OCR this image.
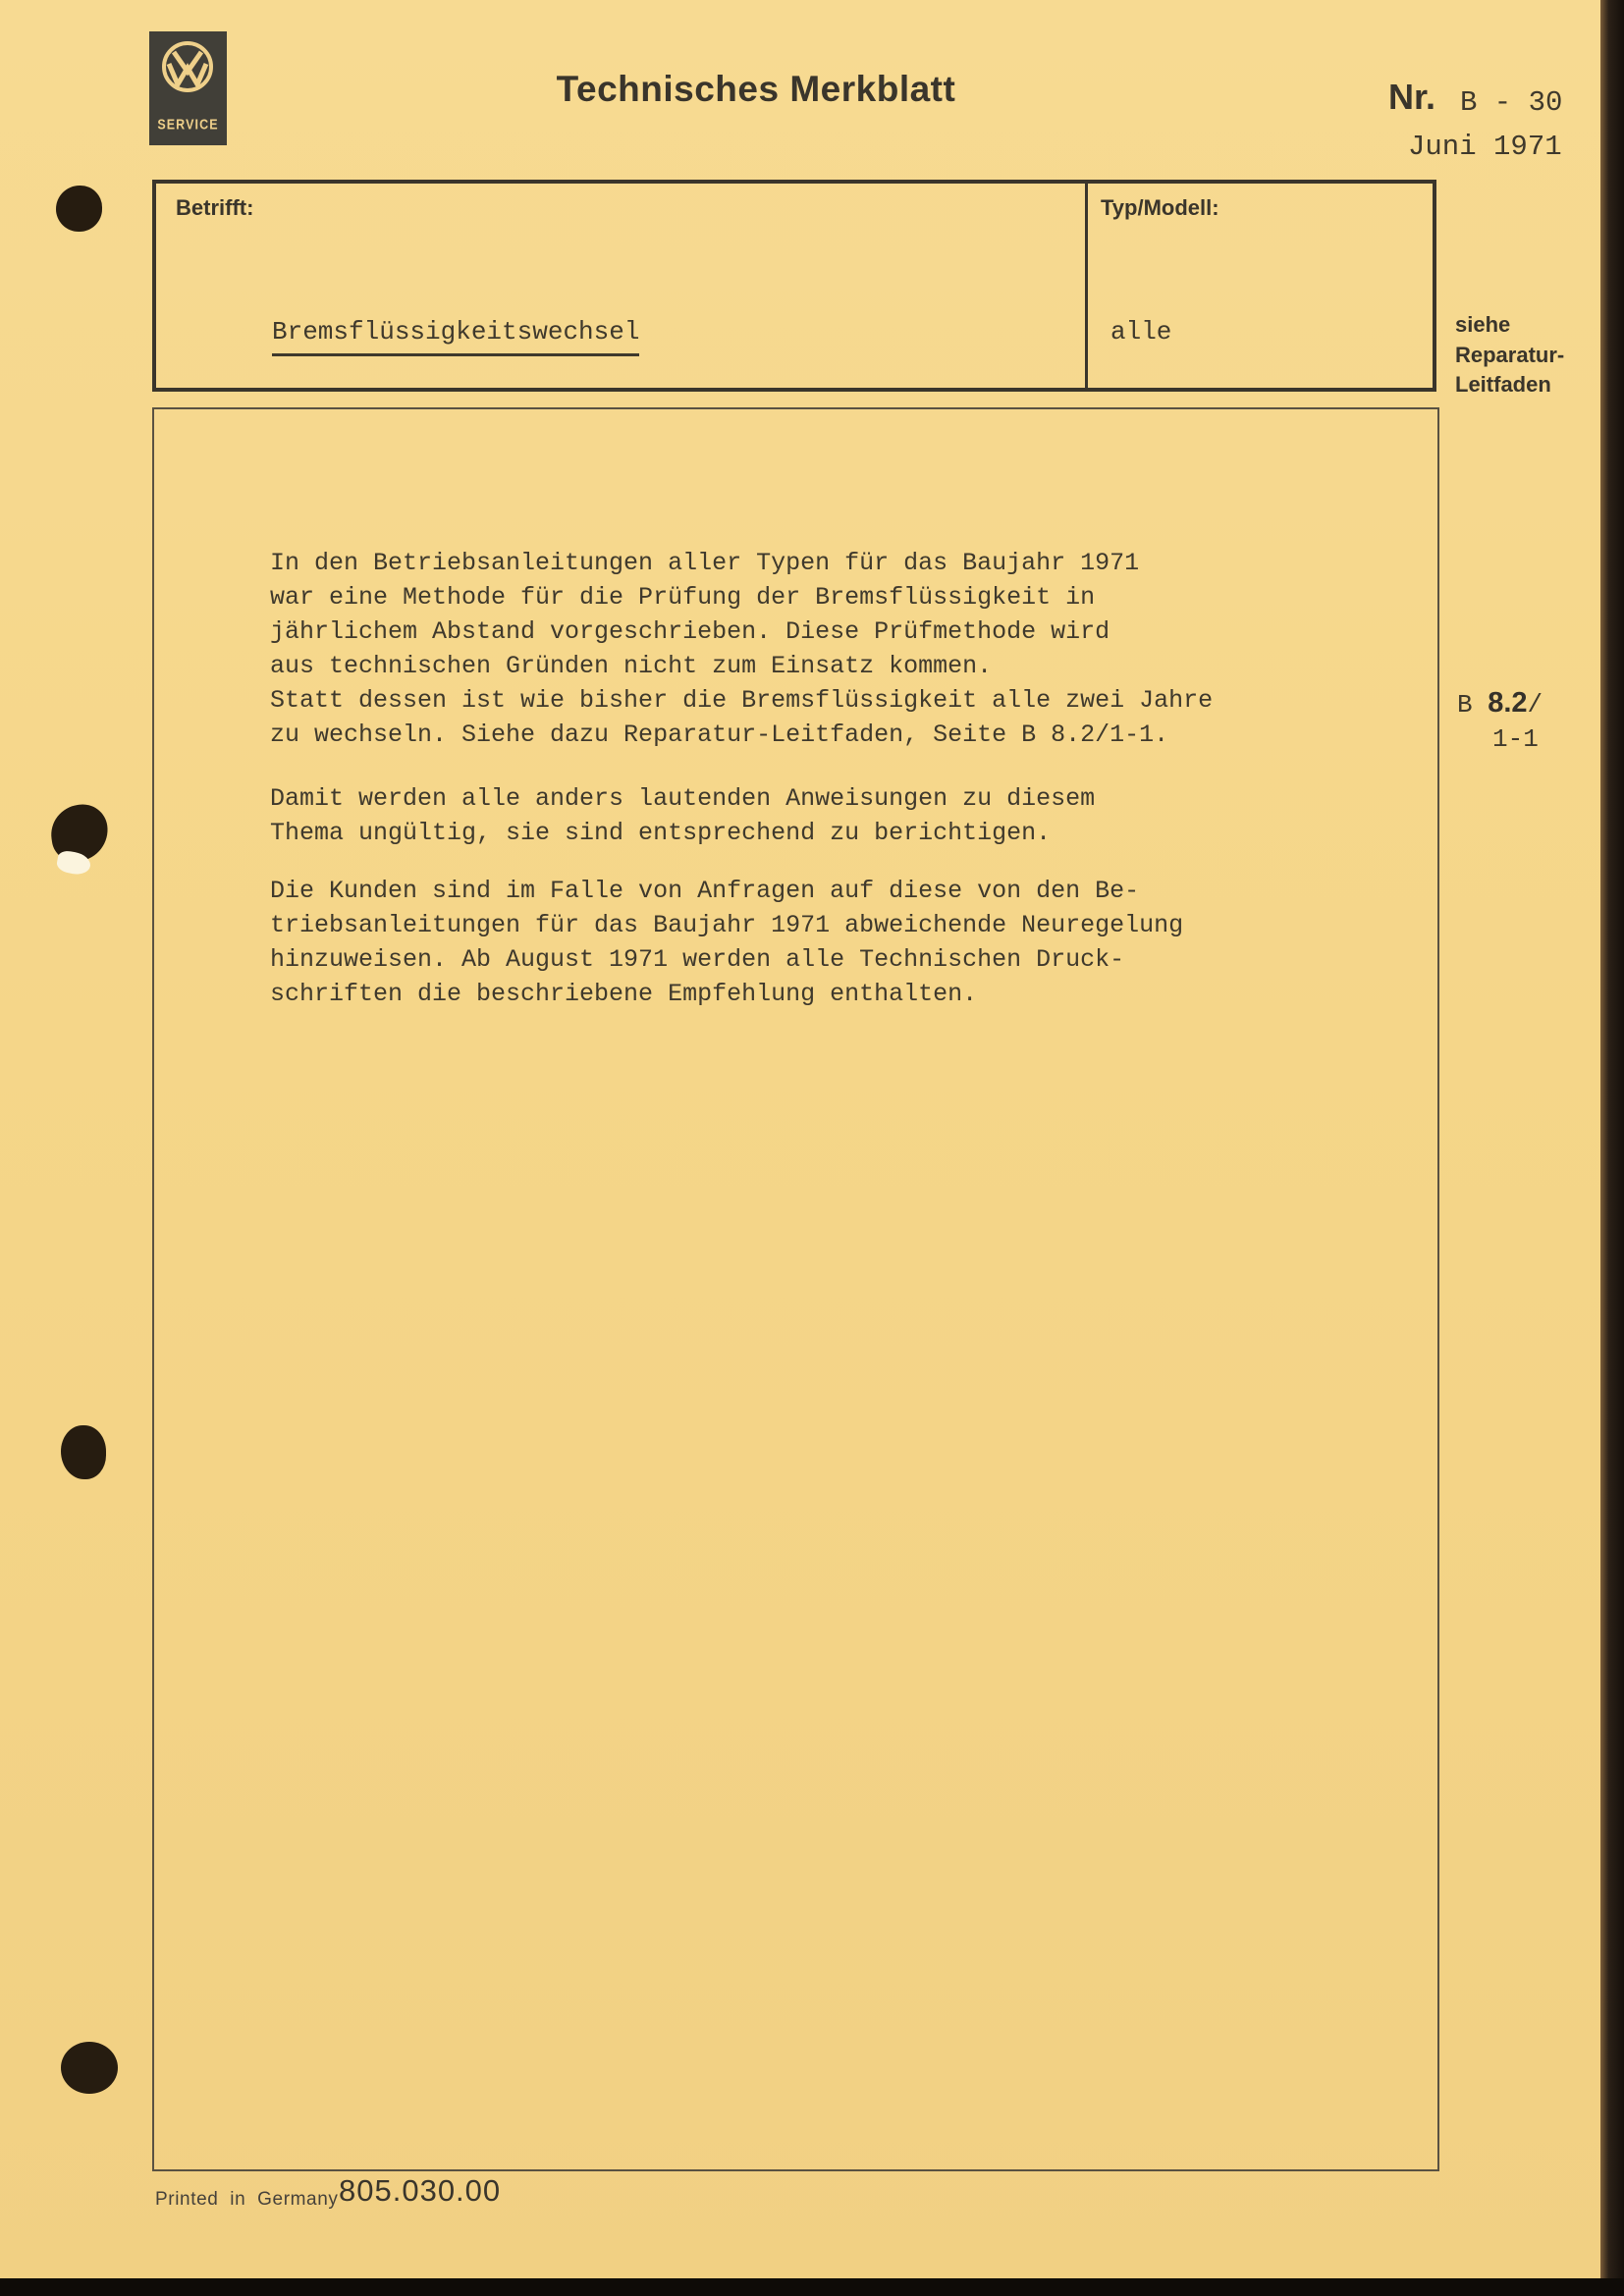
SERVICE
Technisches Merkblatt	Nr. B - 30
Juni 1971
Betrifft:
Bremsflüssigkeitswechsel
Typ/Modell:
alle	siehe
Reparatur-
Leitfaden
In den Betriebsanleitungen aller Typen für das Baujahr 1971
war eine Methode für die Prüfung der Bremsflüssigkeit in
jährlichem Abstand vorgeschrieben. Diese Prüfmethode wird
aus technischen Gründen nicht zum Einsatz kommen.
Statt dessen ist wie bisher die Bremsflüssigkeit alle zwei Jahre
zu wechseln. Siehe dazu Reparatur-Leitfaden, Seite B 8.2/1-1.
Damit werden alle anders lautenden Anweisungen zu diesem
Thema ungültig, sie sind entsprechend zu berichtigen.
Die Kunden sind im Falle von Anfragen auf diese von den Be-
triebsanleitungen für das Baujahr 1971 abweichende Neuregelung
hinzuweisen. Ab August 1971 werden alle Technischen Druck-
schriften die beschriebene Empfehlung enthalten.
B 8.2/
1-1
Printed in Germany 805.030.00
